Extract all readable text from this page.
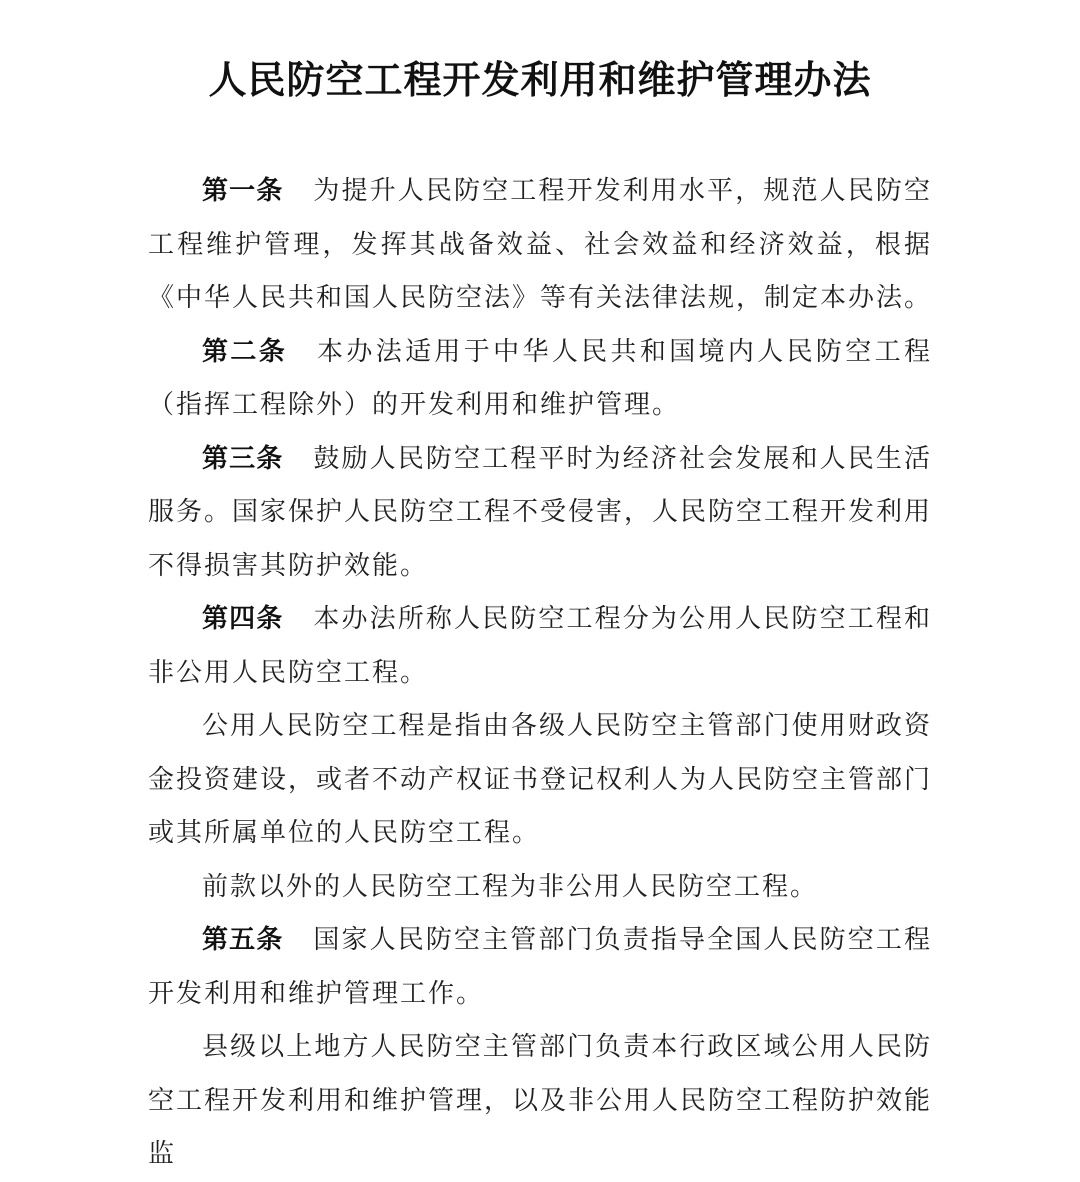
人民防空工程开发利用和维护管理办法

第一条 为提升人民防空工程开发利用水平，规范人民防空工程维护管理，发挥其战备效益、社会效益和经济效益，根据《中华人民共和国人民防空法》等有关法律法规，制定本办法。

第二条 本办法适用于中华人民共和国境内人民防空工程（指挥工程除外）的开发利用和维护管理。

第三条 鼓励人民防空工程平时为经济社会发展和人民生活服务。国家保护人民防空工程不受侵害，人民防空工程开发利用不得损害其防护效能。

第四条 本办法所称人民防空工程分为公用人民防空工程和非公用人民防空工程。

公用人民防空工程是指由各级人民防空主管部门使用财政资金投资建设，或者不动产权证书登记权利人为人民防空主管部门或其所属单位的人民防空工程。

前款以外的人民防空工程为非公用人民防空工程。

第五条 国家人民防空主管部门负责指导全国人民防空工程开发利用和维护管理工作。

县级以上地方人民防空主管部门负责本行政区域公用人民防空工程开发利用和维护管理，以及非公用人民防空工程防护效能监
